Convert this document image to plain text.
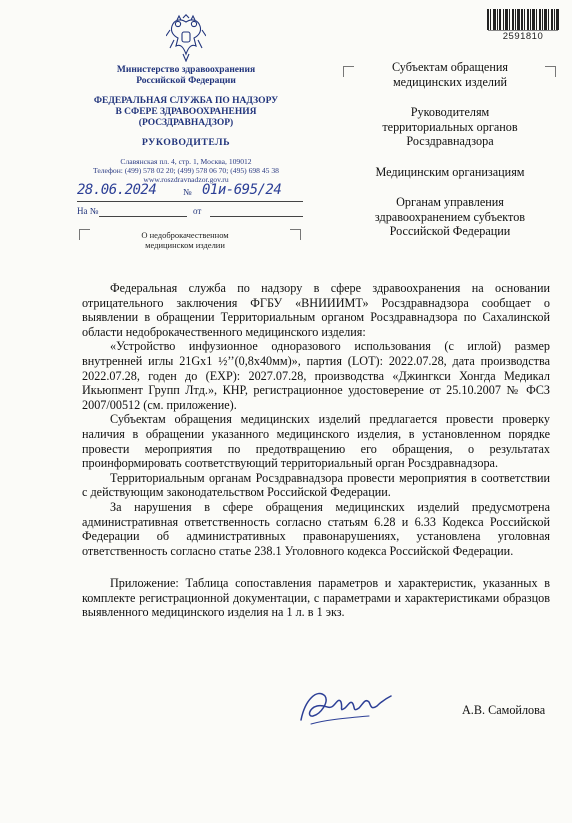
2591810
Министерство здравоохранения
Российской Федерации
ФЕДЕРАЛЬНАЯ СЛУЖБА ПО НАДЗОРУ
В СФЕРЕ ЗДРАВООХРАНЕНИЯ
(РОСЗДРАВНАДЗОР)
РУКОВОДИТЕЛЬ
Славянская пл. 4, стр. 1, Москва, 109012
Телефон: (499) 578 02 20; (499) 578 06 70; (495) 698 45 38
www.roszdravnadzor.gov.ru
28.06.2024	№ 01и-695/24
На №	от
О недоброкачественном
медицинском изделии
Субъектам обращения
медицинских изделий
Руководителям
территориальных органов
Росздравнадзора
Медицинским организациям
Органам управления
здравоохранением субъектов
Российской Федерации

Федеральная служба по надзору в сфере здравоохранения на основании отрицательного заключения ФГБУ «ВНИИИМТ» Росздравнадзора сообщает о выявлении в обращении Территориальным органом Росздравнадзора по Сахалинской области недоброкачественного медицинского изделия:

«Устройство инфузионное одноразового использования (с иглой) размер внутренней иглы 21Gx1 ½’’(0,8x40мм)», партия (LOT): 2022.07.28, дата производства 2022.07.28, годен до (EXP): 2027.07.28, производства «Джингкси Хонгда Медикал Икьюпмент Групп Лтд.», КНР, регистрационное удостоверение от 25.10.2007 № ФСЗ 2007/00512 (см. приложение).

Субъектам обращения медицинских изделий предлагается провести проверку наличия в обращении указанного медицинского изделия, в установленном порядке провести мероприятия по предотвращению его обращения, о результатах проинформировать соответствующий территориальный орган Росздравнадзора.

Территориальным органам Росздравнадзора провести мероприятия в соответствии с действующим законодательством Российской Федерации.

За нарушения в сфере обращения медицинских изделий предусмотрена административная ответственность согласно статьям 6.28 и 6.33 Кодекса Российской Федерации об административных правонарушениях, установлена уголовная ответственность согласно статье 238.1 Уголовного кодекса Российской Федерации.

Приложение: Таблица сопоставления параметров и характеристик, указанных в комплекте регистрационной документации, с параметрами и характеристиками образцов выявленного медицинского изделия на 1 л. в 1 экз.

А.В. Самойлова
